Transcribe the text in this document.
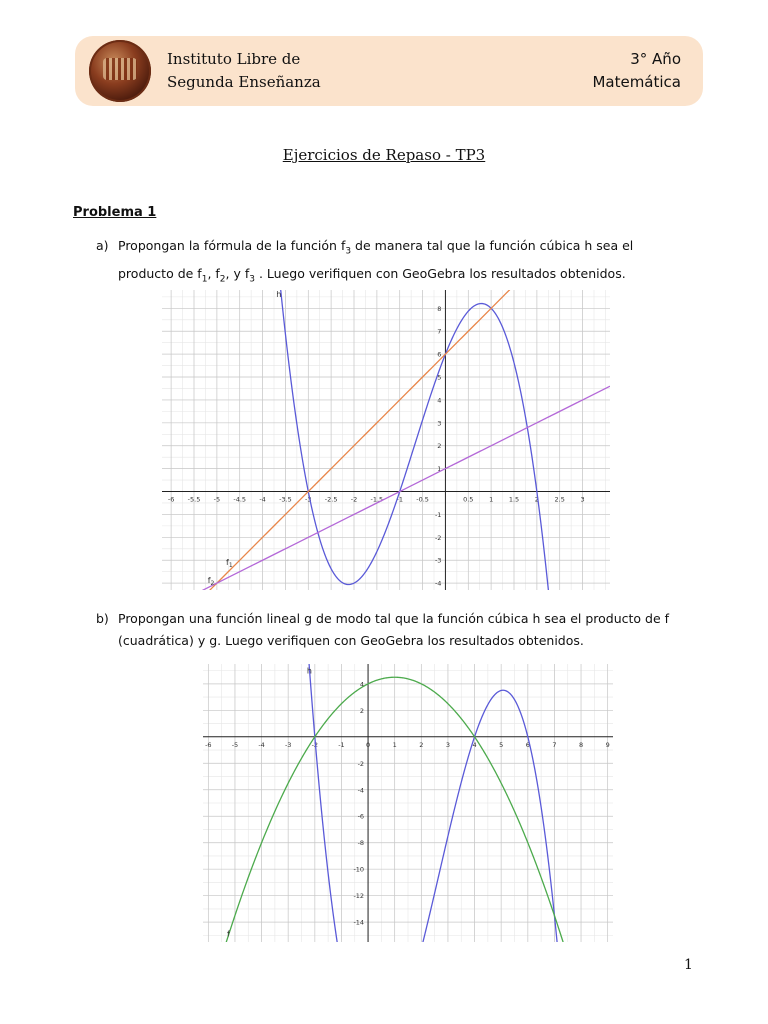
Instituto Libre de
Segunda Enseñanza
3° Año
Matemática
Ejercicios de Repaso - TP3
Problema 1
a) Propongan la fórmula de la función $f_3$ de manera tal que la función cúbica h sea el
producto de $f_1$, $f_2$, y $f_3$ . Luego verifiquen con GeoGebra los resultados obtenidos.
-6 -5.5 -5 -4.5 -4 -3.5 -3 -2.5 -2 -1.5 -1 -0.5	0.5 1 1.5 2 2.5 3
8
7
6
5
4
3
2
1
-1
-2
-3
-4
h
$f_1$
$f_2$
b) Propongan una función lineal g de modo tal que la función cúbica h sea el producto de f
(cuadrática) y g. Luego verifiquen con GeoGebra los resultados obtenidos.
-6	-5	-4	-3	-2	-1	0	1	2	3	4	5	6	7	8	9
4
2
-2
-4
-6
-8
-10
-12
-14
h
f
1
